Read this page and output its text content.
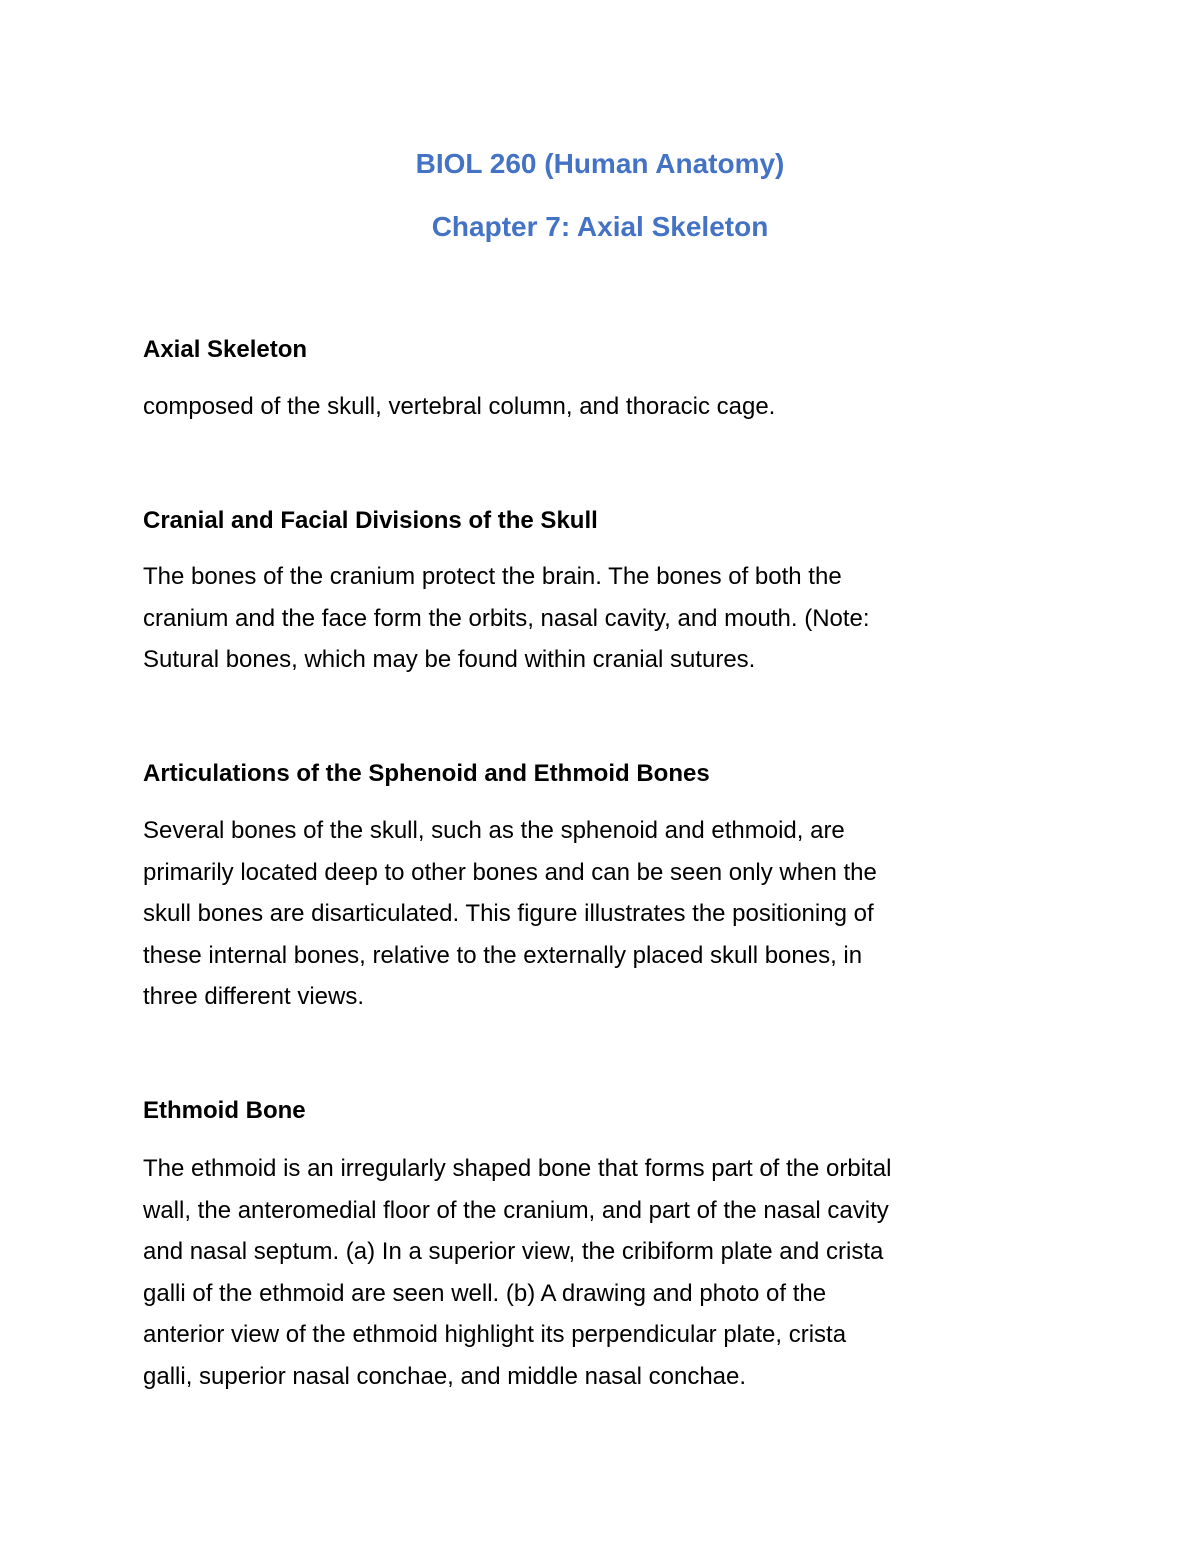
BIOL 260 (Human Anatomy)
Chapter 7: Axial Skeleton
Axial Skeleton
composed of the skull, vertebral column, and thoracic cage.
Cranial and Facial Divisions of the Skull
The bones of the cranium protect the brain. The bones of both the
cranium and the face form the orbits, nasal cavity, and mouth. (Note:
Sutural bones, which may be found within cranial sutures.
Articulations of the Sphenoid and Ethmoid Bones
Several bones of the skull, such as the sphenoid and ethmoid, are
primarily located deep to other bones and can be seen only when the
skull bones are disarticulated. This figure illustrates the positioning of
these internal bones, relative to the externally placed skull bones, in
three different views.
Ethmoid Bone
The ethmoid is an irregularly shaped bone that forms part of the orbital
wall, the anteromedial floor of the cranium, and part of the nasal cavity
and nasal septum. (a) In a superior view, the cribiform plate and crista
galli of the ethmoid are seen well. (b) A drawing and photo of the
anterior view of the ethmoid highlight its perpendicular plate, crista
galli, superior nasal conchae, and middle nasal conchae.
